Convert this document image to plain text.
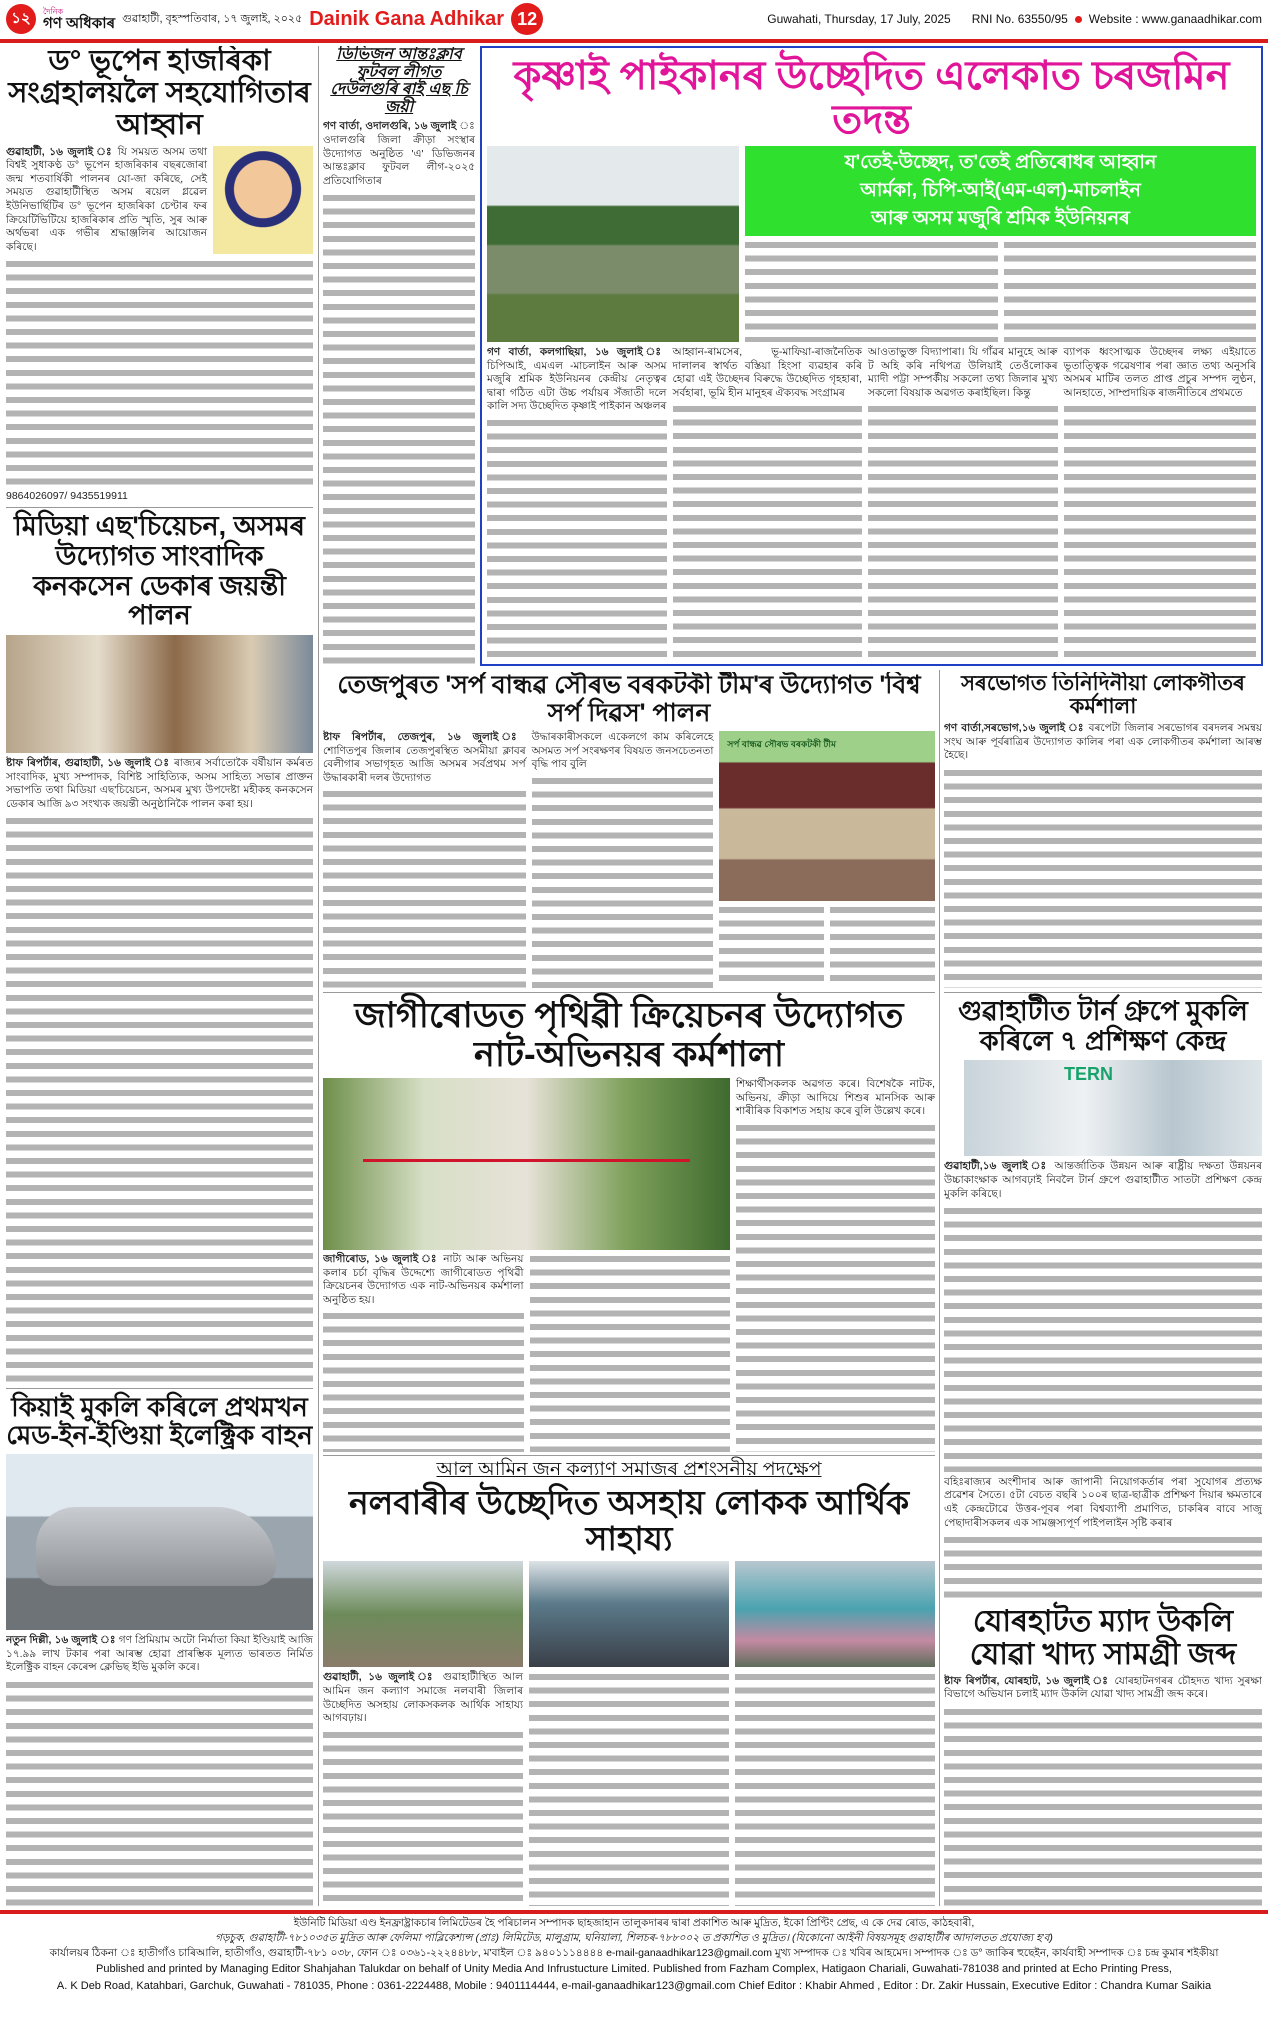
১২	দৈনিক
গণ অধিকাৰ গুৱাহাটী, বৃহস্পতিবাৰ, ১৭ জুলাই, ২০২৫ Dainik Gana Adhikar 12	Guwahati, Thursday, 17 July, 2025 RNI No. 63550/95 Website : www.ganaadhikar.com
ড° ভূপেন হাজৰিকা সংগ্ৰহালয়লৈ সহযোগিতাৰ আহ্বান
গুৱাহাটী, ১৬ জুলাই ঃ যি সময়ত অসম তথা বিশ্বই সুধাকণ্ঠ ড° ভূপেন হাজৰিকাৰ বছৰজোৰা জন্ম শতবাৰ্ষিকী পালনৰ যো-জা কৰিছে, সেই সময়ত গুৱাহাটীস্থিত অসম ৰয়েল গ্লৱেল ইউনিভাৰ্ছিটিৰ ড° ভূপেন হাজৰিকা চেণ্টাৰ ফৰ ক্ৰিয়েটিভিটিয়ে হাজৰিকাৰ প্ৰতি স্মৃতি, সুৰ আৰু অৰ্থভৰা এক গভীৰ শ্ৰদ্ধাঞ্জলিৰ আয়োজন কৰিছে।
9864026097/ 9435519911
মিডিয়া এছ'চিয়েচন, অসমৰ উদ্যোগত সাংবাদিক কনকসেন ডেকাৰ জয়ন্তী পালন
ষ্টাফ ৰিপৰ্টাৰ, গুৱাহাটী, ১৬ জুলাই ঃ ৰাজ্যৰ সৰ্বাতোকৈ বৰ্ষীয়ান কৰ্মৰত সাংবাদিক, মুখ্য সম্পাদক, বিশিষ্ট সাহিত্যিক, অসম সাহিত্য সভাৰ প্ৰাক্তন সভাপতি তথা মিডিয়া এছ'চিয়েচন, অসমৰ মুখ্য উপদেষ্টা মহীকহ কনকসেন ডেকাৰ আজি ৯৩ সংখ্যক জয়ন্তী অনুষ্ঠানিকৈ পালন কৰা হয়।
কিয়াই মুকলি কৰিলে প্ৰথমখন মেড-ইন-ইণ্ডিয়া ইলেক্ট্ৰিক বাহন
নতুন দিল্লী, ১৬ জুলাই ঃ গণ প্ৰিমিয়াম অটো নিৰ্মাতা কিয়া ইণ্ডিয়াই আজি ১৭.৯৯ লাখ টকাৰ পৰা আৰম্ভ হোৱা প্ৰাৰম্ভিক মূল্যত ভাৰতত নিৰ্মিত ইলেক্ট্ৰিক বাহন কেৰেন্স ক্লেভিছ ইভি মুকলি কৰে।
ডিভিজন আন্তঃক্লাব ফুটবল লীগত দেউলগুৰি ৰাই এছ চি জয়ী
গণ বাৰ্তা, ওদালগুৰি, ১৬ জুলাই ওদালগুৰি জিলা ক্ৰীড়া সংস্থাৰ উদ্যোগত অনুষ্ঠিত 'এ' ডিভিজনৰ আন্তঃক্লাব ফুটবল লীগ-২০২৫ প্ৰতিযোগিতাৰ
কৃষ্ণাই পাইকানৰ উচ্ছেদিত এলেকাত চৰজমিন তদন্ত
য'তেই-উচ্ছেদ, ত'তেই প্ৰতিৰোধৰ আহ্বান
আৰ্মকা, চিপি-আই(এম-এল)-মাচলাইন
আৰু অসম মজুৰি শ্ৰমিক ইউনিয়নৰ
গণ বাৰ্তা, কলগাছিয়া, ১৬ জুলাই ঃ চিপিআই, এমএল -মাচলাইন আৰু অসম মজুৰি শ্ৰমিক ইউনিয়নৰ কেন্দ্ৰীয় নেতৃত্বৰ দ্বাৰা গঠিত এটা উচ্চ পৰ্যায়ৰ সঁজাতী দলে কালি সদ্য উচ্ছেদিত কৃষ্ণাই পাইকান অঞ্চলৰ
আহ্বান-ৰামসেৰ, ভূ-মাফিয়া-ৰাজনৈতিক দালালৰ স্বাৰ্থত বস্তিয়া হিংসা ব্যৱহাৰ কৰি হোৱা এই উচ্ছেদৰ বিৰুদ্ধে উচ্ছেদিত গৃহহাৰা, সৰ্বহাৰা, ভূমি হীন মানুহৰ ঐক্যবদ্ধ সংগ্ৰামৰ
আওতাভুক্ত বিদ্যাপাৰা। যি গাঁৱৰ মানুহে আৰু ট অহি কৰি নথিপত্ৰ উলিয়াই তেওঁলোকৰ ম্যাদী পট্টা সম্পৰ্কীয় সকলো তথ্য জিলাৰ মুখ্য সকলো বিষয়াক অৱগত কৰাইছিল। কিন্তু
ব্যাপক ধ্বংসাত্মক উচ্ছেদৰ লক্ষ্য এইয়াতে ভূতাত্ত্বিক গৱেষণাৰ পৰা জ্ঞাত তথ্য অনুসৰি অসমৰ মাটিৰ তলত প্ৰাপ্ত প্ৰচুৰ সম্পদ লুণ্ঠন, আনহাতে, সাম্প্ৰদায়িক ৰাজনীতিৰে প্ৰথমতে
তেজপুৰত 'সৰ্প বান্ধৱ সৌৰভ বৰকটকী টীম'ৰ উদ্যোগত 'বিশ্ব সৰ্প দিৱস' পালন
ষ্টাফ ৰিপৰ্টাৰ, তেজপুৰ, ১৬ জুলাই ঃ শোণিতপুৰ জিলাৰ তেজপুৰস্থিত অসমীয়া ক্লাবৰ বেলীগাৰ সভাগৃহত আজি অসমৰ সৰ্বপ্ৰথম সৰ্প উদ্ধাৰকাৰী দলৰ উদ্যোগত
উদ্ধাৰকাৰীসকলে একেলগে কাম কৰিলেহে অসমত সৰ্প সংৰক্ষণৰ বিষয়ত জনসচেতনতা বৃদ্ধি পাব বুলি
সৰ্প বান্ধৱ সৌৰভ বৰকটকী টীম
সৰভোগত তিনিদিনীয়া লোকগীতৰ কৰ্মশালা
গণ বাৰ্তা,সৰভোগ,১৬ জুলাই ঃ বৰপেটা জিলাৰ সৰভোগৰ বৰদলৰ সমন্বয় সংঘ আৰু পূৰ্বৰাত্ৰিৰ উদ্যোগত কালিৰ পৰা এক লোকগীতৰ কৰ্মশালা আৰম্ভ হৈছে।
জাগীৰোডত পৃথিৱী ক্ৰিয়েচনৰ উদ্যোগত নাট-অভিনয়ৰ কৰ্মশালা
জাগীৰোড, ১৬ জুলাই ঃ নাট্য আৰু অভিনয় কলাৰ চৰ্চা বৃদ্ধিৰ উদ্দেশ্যে জাগীৰোডত পৃথিৱী ক্ৰিয়েচনৰ উদ্যোগত এক নাট-অভিনয়ৰ কৰ্মশালা অনুষ্ঠিত হয়।
শিক্ষাৰ্থীসকলক অৱগত কৰে। বিশেষকৈ নাটক, অভিনয়, ক্ৰীড়া আদিয়ে শিশুৰ মানসিক আৰু শাৰীৰিক বিকাশত সহায় কৰে বুলি উল্লেখ কৰে।
গুৱাহাটীত টাৰ্ন গ্ৰুপে মুকলি কৰিলে ৭ প্ৰশিক্ষণ কেন্দ্ৰ
TERN
গুৱাহাটী,১৬ জুলাই ঃ আন্তৰ্জাতিক উন্নয়ন আৰু ৰাষ্ট্ৰীয় দক্ষতা উন্নয়নৰ উচ্চাকাংক্ষাক আগবঢ়াই নিবলৈ টাৰ্ন গ্ৰুপে গুৱাহাটীত সাতটা প্ৰশিক্ষণ কেন্দ্ৰ মুকলি কৰিছে।
বহিঃৰাজ্যৰ অংশীদাৰ আৰু জাপানী নিয়োগকৰ্তাৰ পৰা সুযোগৰ প্ৰত্যক্ষ প্ৰৱেশৰ সৈতে। ৫টা বেচত বছৰি ১০০ৰ ছাত্ৰ-ছাত্ৰীক প্ৰশিক্ষণ দিয়াৰ ক্ষমতাৰে এই কেন্দ্ৰটোৱে উত্তৰ-পূবৰ পৰা বিশ্বব্যাপী প্ৰমাণিত, চাকৰিৰ বাবে সাজু পেছাদাৰীসকলৰ এক সামঞ্জস্যপূৰ্ণ পাইপলাইন সৃষ্টি কৰাৰ
যোৰহাটত ম্যাদ উকলি যোৱা খাদ্য সামগ্ৰী জব্দ
ষ্টাফ ৰিপৰ্টাৰ, যোৰহাট, ১৬ জুলাই ঃ যোৰহাটনগৰৰ চৌহদত খাদ্য সুৰক্ষা বিভাগে অভিযান চলাই ম্যাদ উকলি যোৱা খাদ্য সামগ্ৰী জব্দ কৰে।
আল আমিন জন কল্যাণ সমাজৰ প্ৰশংসনীয় পদক্ষেপ
নলবাৰীৰ উচ্ছেদিত অসহায় লোকক আৰ্থিক সাহায্য
গুৱাহাটী, ১৬ জুলাই ঃ গুৱাহাটীস্থিত আল আমিন জন কল্যাণ সমাজে নলবাৰী জিলাৰ উচ্ছেদিত অসহায় লোকসকলক আৰ্থিক সাহায্য আগবঢ়ায়।
ইউনিটি মিডিয়া এণ্ড ইনফ্ৰাষ্ট্ৰাকচাৰ লিমিটেডৰ হৈ পৰিচালন সম্পাদক ছাহজাহান তালুকদাৰৰ দ্বাৰা প্ৰকাশিত আৰু মুদ্ৰিত, ইকো প্ৰিণ্টিং প্ৰেছ, এ কে দেৱ ৰোড, কাঠহবাৰী,
গড়চুক, গুৱাহাটী-৭৮১০৩৫ত মুদ্ৰিত আৰু ফেলিমা পাব্লিকেশ্যন্স (প্ৰাঃ) লিমিটেড, মালুগ্ৰাম, ঘনিয়ালা, শিলচৰ-৭৮৮০০২ ত প্ৰকাশিত ও মুদ্ৰিত। (যিকোনো আইনী বিষয়সমূহ গুৱাহাটীৰ আদালতত প্ৰযোজ্য হ'ব)
কাৰ্যালয়ৰ ঠিকনা ঃ হাতীগাঁও চাৰিআলি, হাতীগাঁও, গুৱাহাটী-৭৮১ ০৩৮, ফোন ঃ ০৩৬১-২২২৪৪৮৮, ম'বাইল ঃ ৯৪০১১১৪৪৪৪ e-mail-ganaadhikar123@gmail.com মুখ্য সম্পাদক ঃ খবিৰ আহমেদ। সম্পাদক ঃ ড° জাকিৰ হুছেইন, কাৰ্যবাহী সম্পাদক ঃ চন্দ্ৰ কুমাৰ শইকীয়া
Published and printed by Managing Editor Shahjahan Talukdar on behalf of Unity Media And Infrustucture Limited. Published from Fazham Complex, Hatigaon Chariali, Guwahati-781038 and printed at Echo Printing Press,
A. K Deb Road, Katahbari, Garchuk, Guwahati - 781035, Phone : 0361-2224488, Mobile : 9401114444, e-mail-ganaadhikar123@gmail.com Chief Editor : Khabir Ahmed , Editor : Dr. Zakir Hussain, Executive Editor : Chandra Kumar Saikia
